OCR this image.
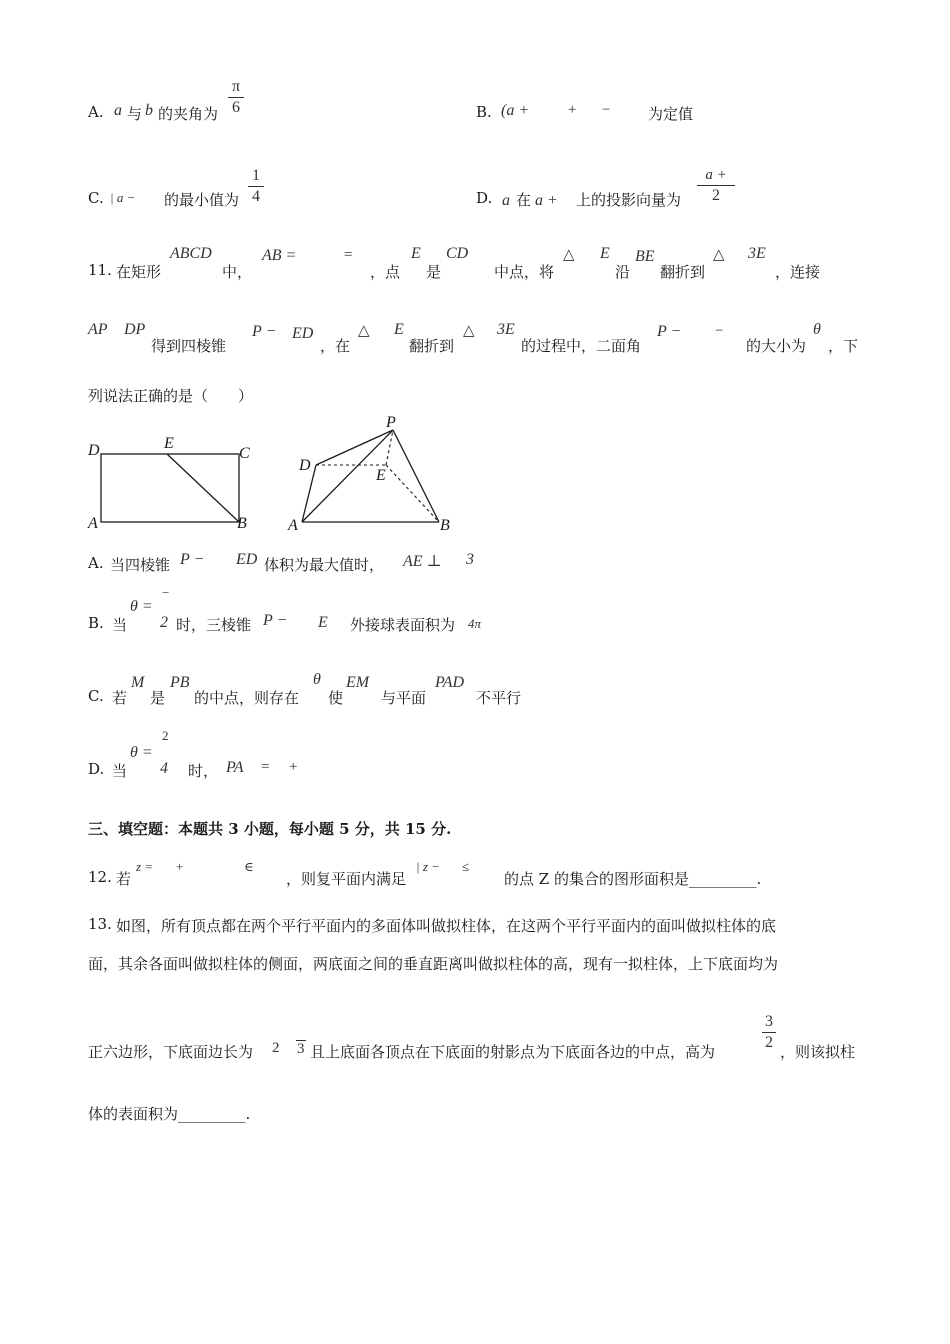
A. a 与 b 的夹角为
π
6	B. (a +	+ −	为定值
C. | a − 的最小值为
1
4	D. a 在 a + 上的投影向量为
a +
2
11. 在矩形
ABCD
中，
AB =	=
，点
E
是
CD
中点，将
△ E
沿
BE
翻折到
△ 3E
，连接
AP DP
得到四棱锥
P − ED
，在
△ E
翻折到
△ 3E
的过程中，二面角
P − −
的大小为
θ
，下
列说法正确的是（　　）
D	E
C
A	B
P
D
E
A	B
A. 当四棱锥 P − ED 体积为最大值时， AE ⊥ 3
B. 当
θ =
−
2 时，三棱锥 P − E 外接球表面积为 4π
C. 若
M
是
PB
的中点，则存在
θ
使
EM
与平面
PAD
不平行
D. 当
θ =
2
4 时， PA = +
三、填空题：本题共 3 小题，每小题 5 分，共 15 分.
12. 若
z = +	∈
，则复平面内满足
| z − ≤
的点 Z 的集合的图形面积是_________.
13. 如图，所有顶点都在两个平行平面内的多面体叫做拟柱体，在这两个平行平面内的面叫做拟柱体的底
面，其余各面叫做拟柱体的侧面，两底面之间的垂直距离叫做拟柱体的高，现有一拟柱体，上下底面均为
正六边形，下底面边长为 2 3 且上底面各顶点在下底面的射影点为下底面各边的中点，高为
3
2
，则该拟柱
体的表面积为_________.
